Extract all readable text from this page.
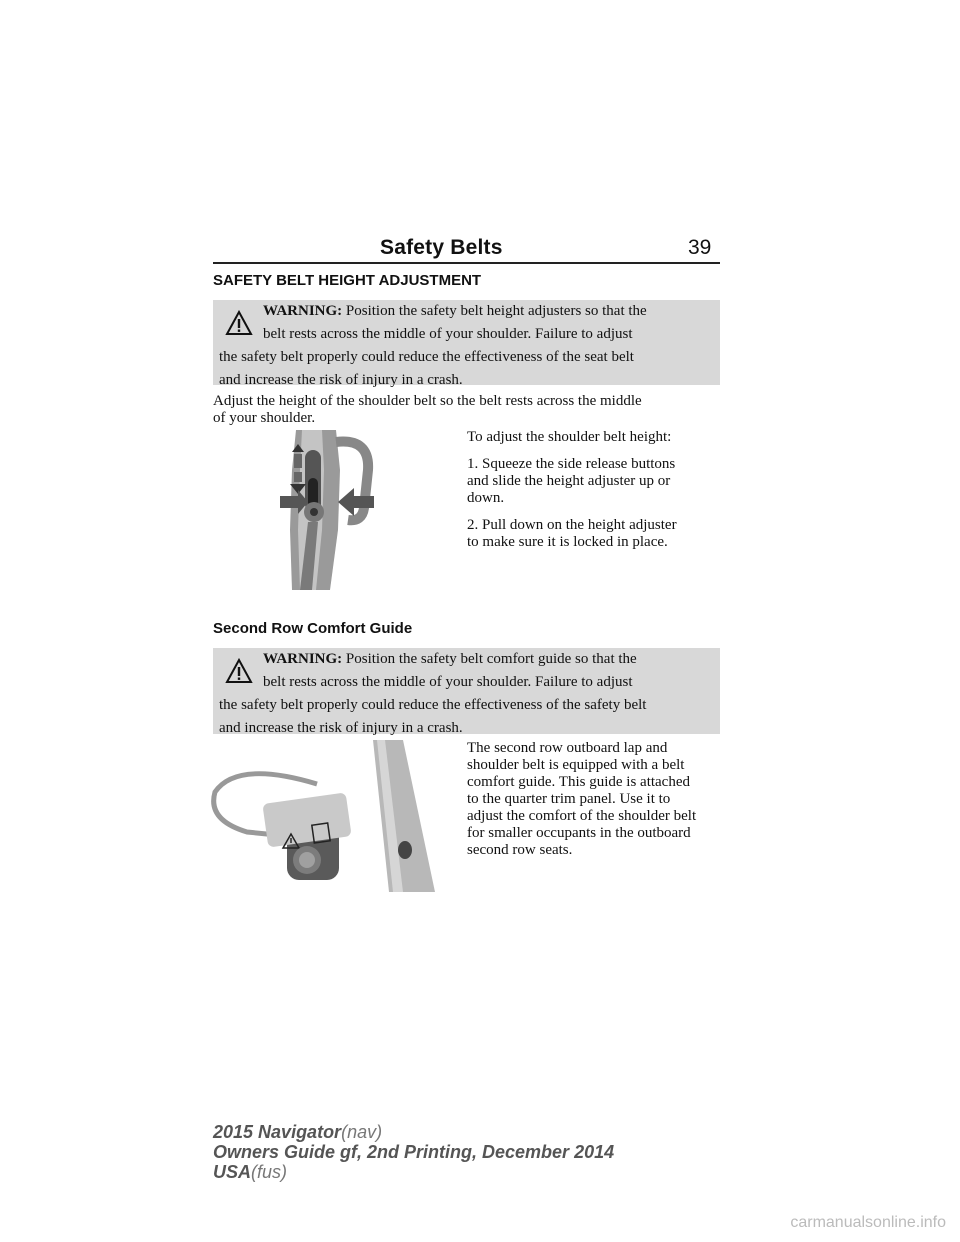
Safety Belts	39
SAFETY BELT HEIGHT ADJUSTMENT
WARNING: Position the safety belt height adjusters so that the
belt rests across the middle of your shoulder. Failure to adjust
the safety belt properly could reduce the effectiveness of the seat belt
and increase the risk of injury in a crash.
Adjust the height of the shoulder belt so the belt rests across the middle
of your shoulder.

To adjust the shoulder belt height:

1. Squeeze the side release buttons
and slide the height adjuster up or
down.
2. Pull down on the height adjuster
to make sure it is locked in place.
Second Row Comfort Guide
WARNING: Position the safety belt comfort guide so that the
belt rests across the middle of your shoulder. Failure to adjust
the safety belt properly could reduce the effectiveness of the safety belt
and increase the risk of injury in a crash.
The second row outboard lap and
shoulder belt is equipped with a belt
comfort guide. This guide is attached
to the quarter trim panel. Use it to
adjust the comfort of the shoulder belt
for smaller occupants in the outboard
second row seats.
2015 Navigator(nav)
Owners Guide gf, 2nd Printing, December 2014
USA(fus)
carmanualsonline.info
